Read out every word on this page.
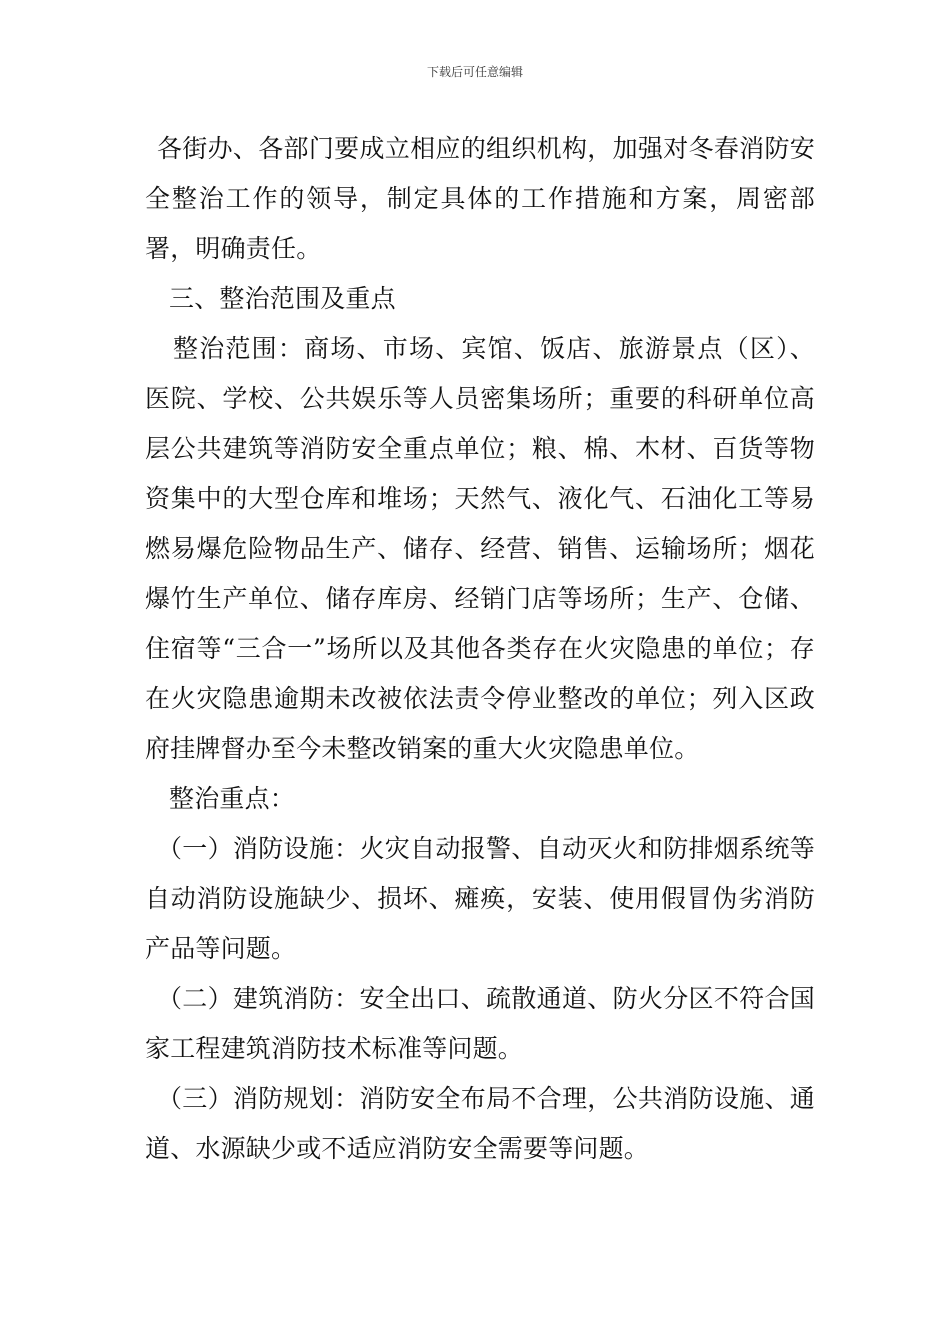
下载后可任意编辑

各街办、各部门要成立相应的组织机构，加强对冬春消防安全整治工作的领导，制定具体的工作措施和方案，周密部署，明确责任。

三、整治范围及重点

整治范围：商场、市场、宾馆、饭店、旅游景点（区）、医院、学校、公共娱乐等人员密集场所；重要的科研单位高层公共建筑等消防安全重点单位；粮、棉、木材、百货等物资集中的大型仓库和堆场；天然气、液化气、石油化工等易燃易爆危险物品生产、储存、经营、销售、运输场所；烟花爆竹生产单位、储存库房、经销门店等场所；生产、仓储、住宿等“三合一”场所以及其他各类存在火灾隐患的单位；存在火灾隐患逾期未改被依法责令停业整改的单位；列入区政府挂牌督办至今未整改销案的重大火灾隐患单位。

整治重点：

（一）消防设施：火灾自动报警、自动灭火和防排烟系统等自动消防设施缺少、损坏、瘫痪，安装、使用假冒伪劣消防产品等问题。

（二）建筑消防：安全出口、疏散通道、防火分区不符合国家工程建筑消防技术标准等问题。

（三）消防规划：消防安全布局不合理，公共消防设施、通道、水源缺少或不适应消防安全需要等问题。
